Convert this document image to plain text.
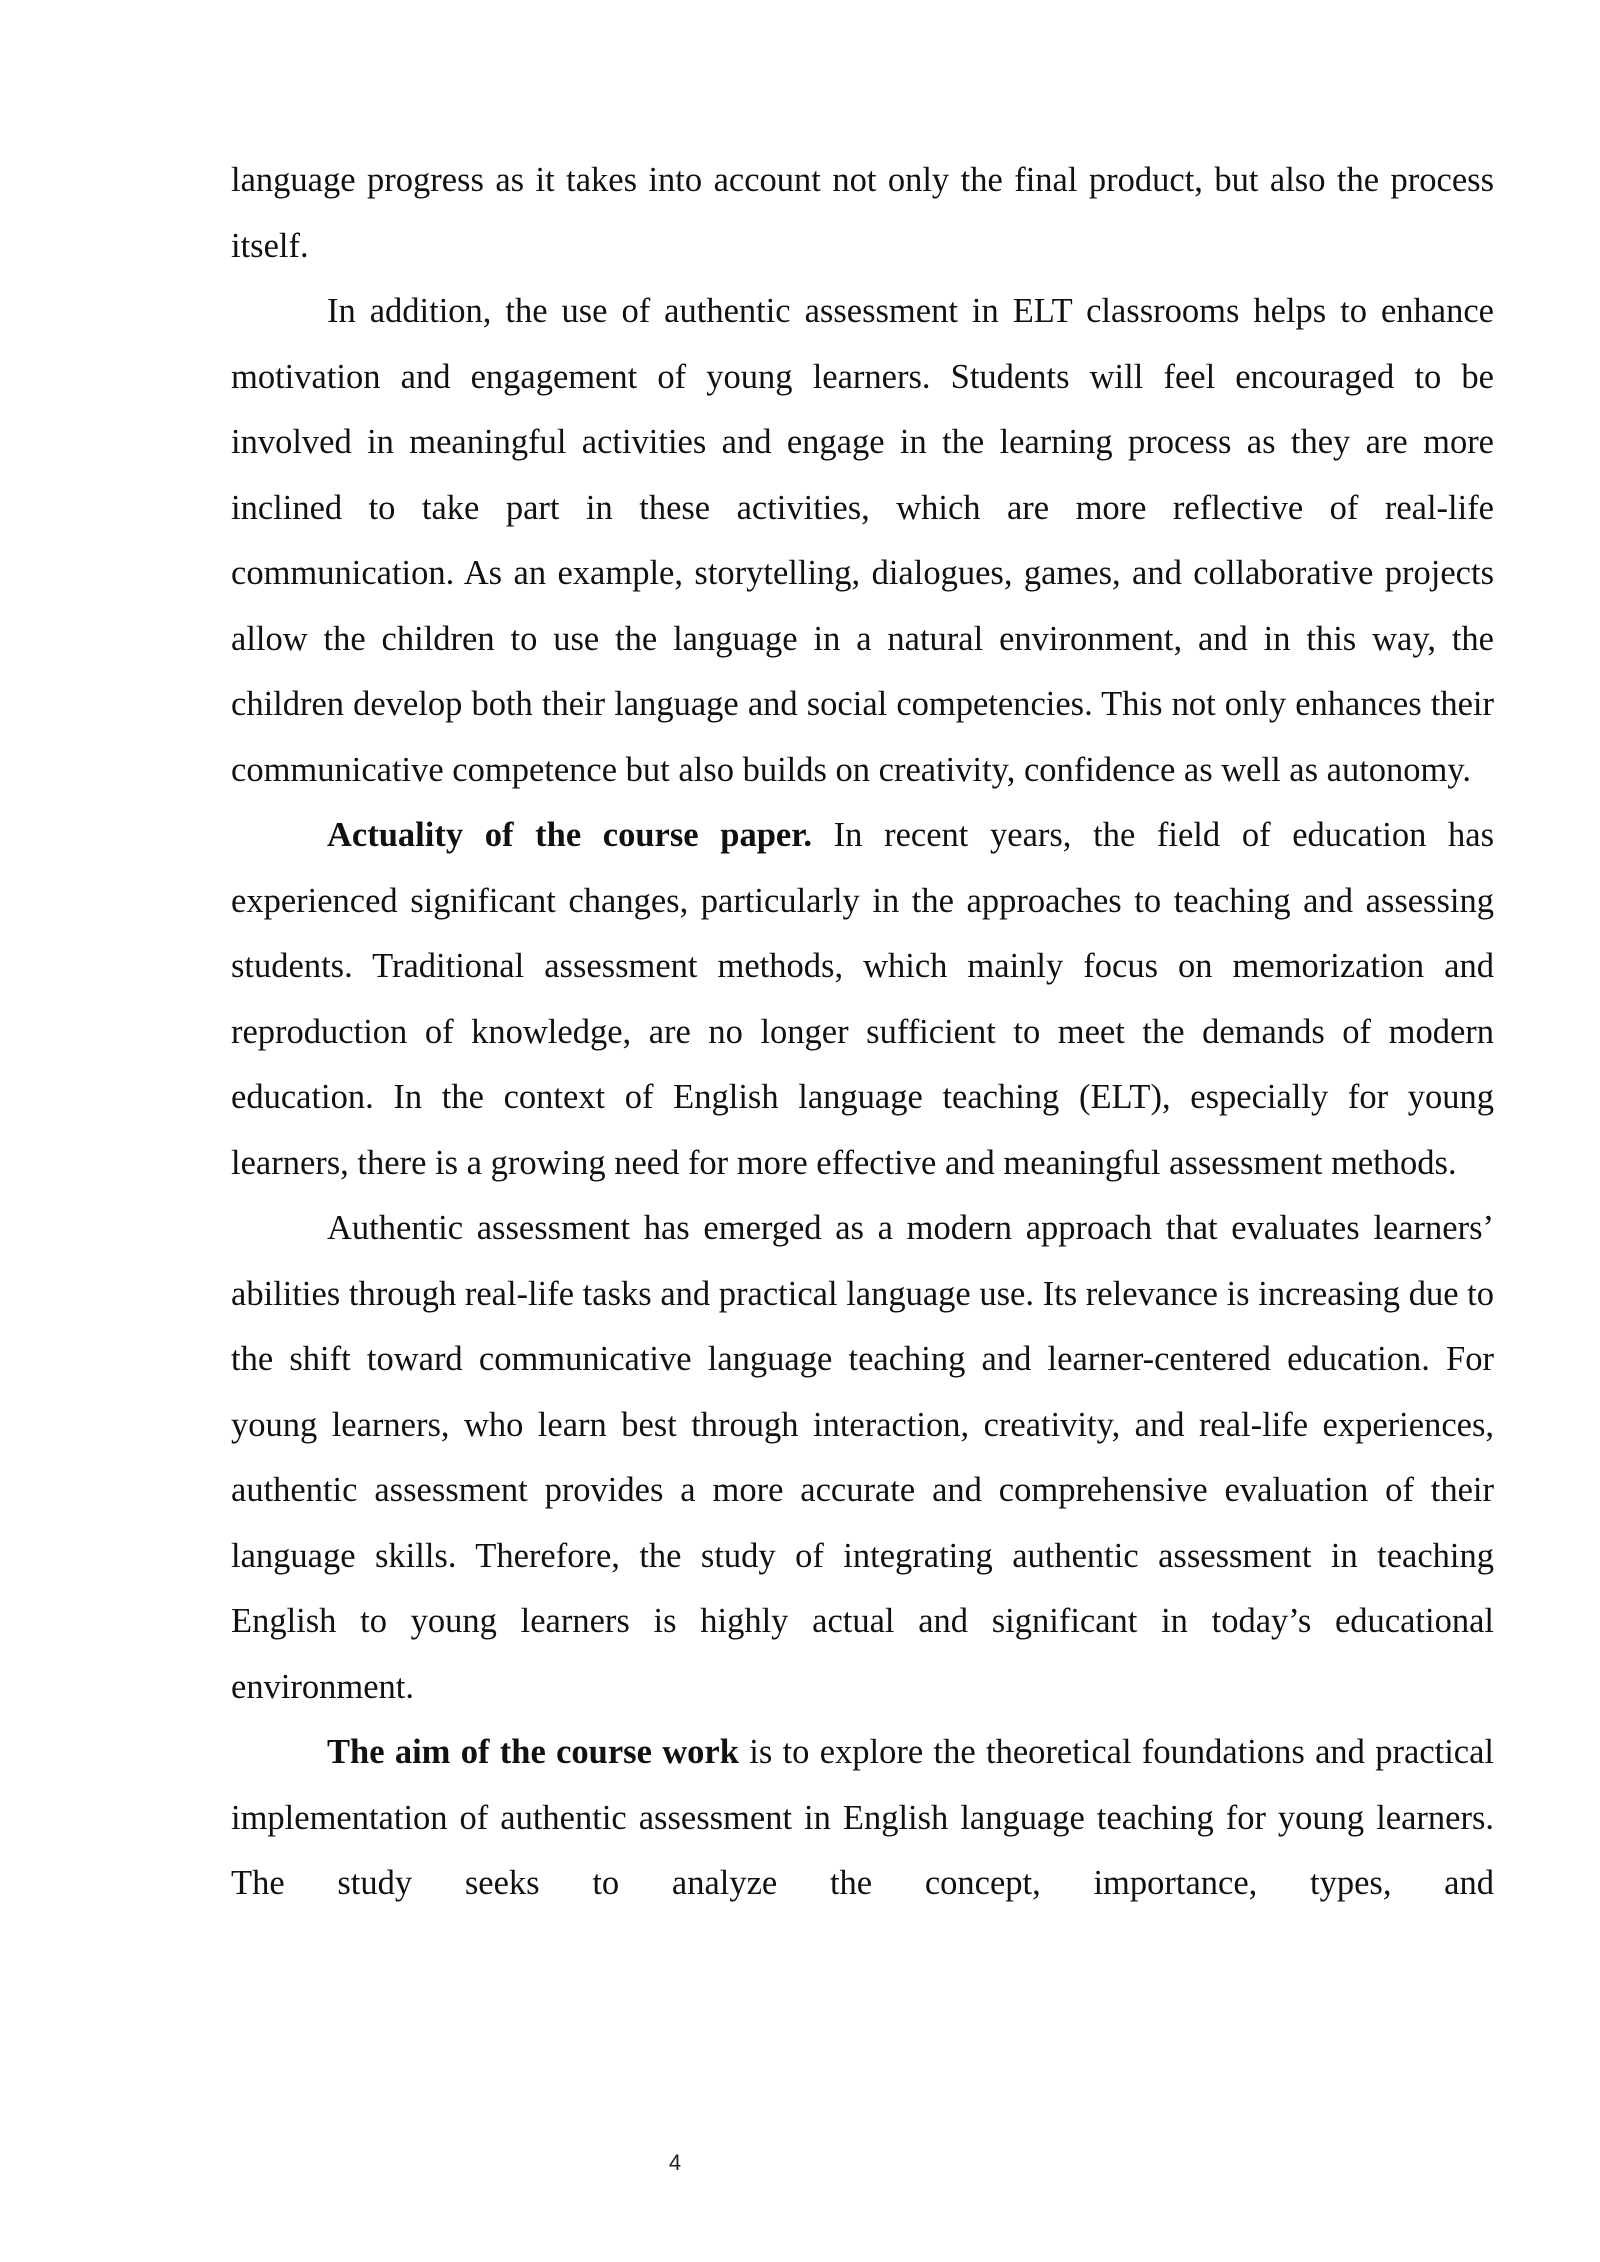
language progress as it takes into account not only the final product, but also the process itself.

In addition, the use of authentic assessment in ELT classrooms helps to enhance motivation and engagement of young learners. Students will feel encouraged to be involved in meaningful activities and engage in the learning process as they are more inclined to take part in these activities, which are more reflective of real-life communication. As an example, storytelling, dialogues, games, and collaborative projects allow the children to use the language in a natural environment, and in this way, the children develop both their language and social competencies. This not only enhances their communicative competence but also builds on creativity, confidence as well as autonomy.

Actuality of the course paper. In recent years, the field of education has experienced significant changes, particularly in the approaches to teaching and assessing students. Traditional assessment methods, which mainly focus on memorization and reproduction of knowledge, are no longer sufficient to meet the demands of modern education. In the context of English language teaching (ELT), especially for young learners, there is a growing need for more effective and meaningful assessment methods.

Authentic assessment has emerged as a modern approach that evaluates learners’ abilities through real-life tasks and practical language use. Its relevance is increasing due to the shift toward communicative language teaching and learner-centered education. For young learners, who learn best through interaction, creativity, and real-life experiences, authentic assessment provides a more accurate and comprehensive evaluation of their language skills. Therefore, the study of integrating authentic assessment in teaching English to young learners is highly actual and significant in today’s educational environment.

The aim of the course work is to explore the theoretical foundations and practical implementation of authentic assessment in English language teaching for young learners. The study seeks to analyze the concept, importance, types, and

4
